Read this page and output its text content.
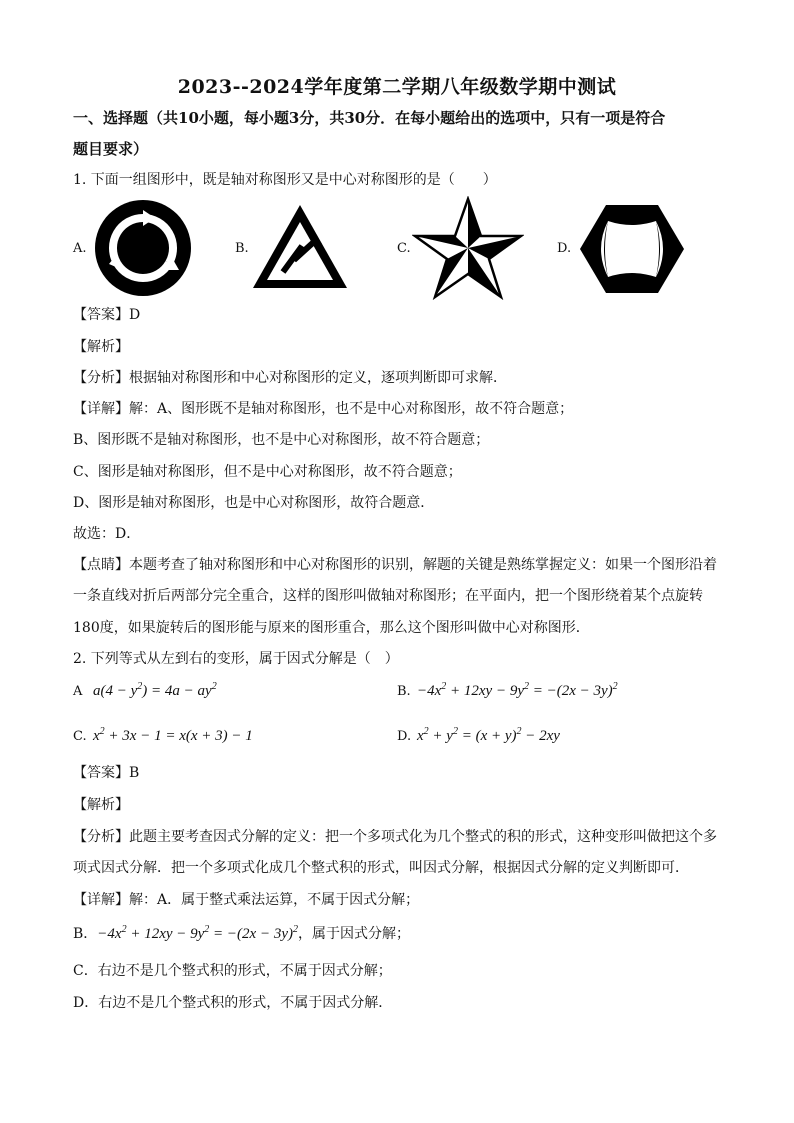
2023--2024学年度第二学期八年级数学期中测试
一、选择题（共10小题，每小题3分，共30分．在每小题给出的选项中，只有一项是符合
题目要求）
1. 下面一组图形中，既是轴对称图形又是中心对称图形的是（　　）
A.	B.	C.	D.
【答案】D
【解析】
【分析】根据轴对称图形和中心对称图形的定义，逐项判断即可求解．
【详解】解：A、图形既不是轴对称图形，也不是中心对称图形，故不符合题意；
B、图形既不是轴对称图形，也不是中心对称图形，故不符合题意；
C、图形是轴对称图形，但不是中心对称图形，故不符合题意；
D、图形是轴对称图形，也是中心对称图形，故符合题意．
故选：D．
【点睛】本题考查了轴对称图形和中心对称图形的识别，解题的关键是熟练掌握定义：如果一个图形沿着
一条直线对折后两部分完全重合，这样的图形叫做轴对称图形；在平面内，把一个图形绕着某个点旋转
180度，如果旋转后的图形能与原来的图形重合，那么这个图形叫做中心对称图形．
2. 下列等式从左到右的变形，属于因式分解是（　）
A $a(4 - y^2) = 4a - ay^2$	B. $-4x^2 + 12xy - 9y^2 = -(2x - 3y)^2$
C. $x^2 + 3x - 1 = x(x + 3) - 1$	D. $x^2 + y^2 = (x + y)^2 - 2xy$
【答案】B
【解析】
【分析】此题主要考查因式分解的定义：把一个多项式化为几个整式的积的形式，这种变形叫做把这个多
项式因式分解．把一个多项式化成几个整式积的形式，叫因式分解，根据因式分解的定义判断即可．
【详解】解：A．属于整式乘法运算，不属于因式分解；
B．$-4x^2 + 12xy - 9y^2 = -(2x - 3y)^2$，属于因式分解；
C．右边不是几个整式积的形式，不属于因式分解；
D．右边不是几个整式积的形式，不属于因式分解．
